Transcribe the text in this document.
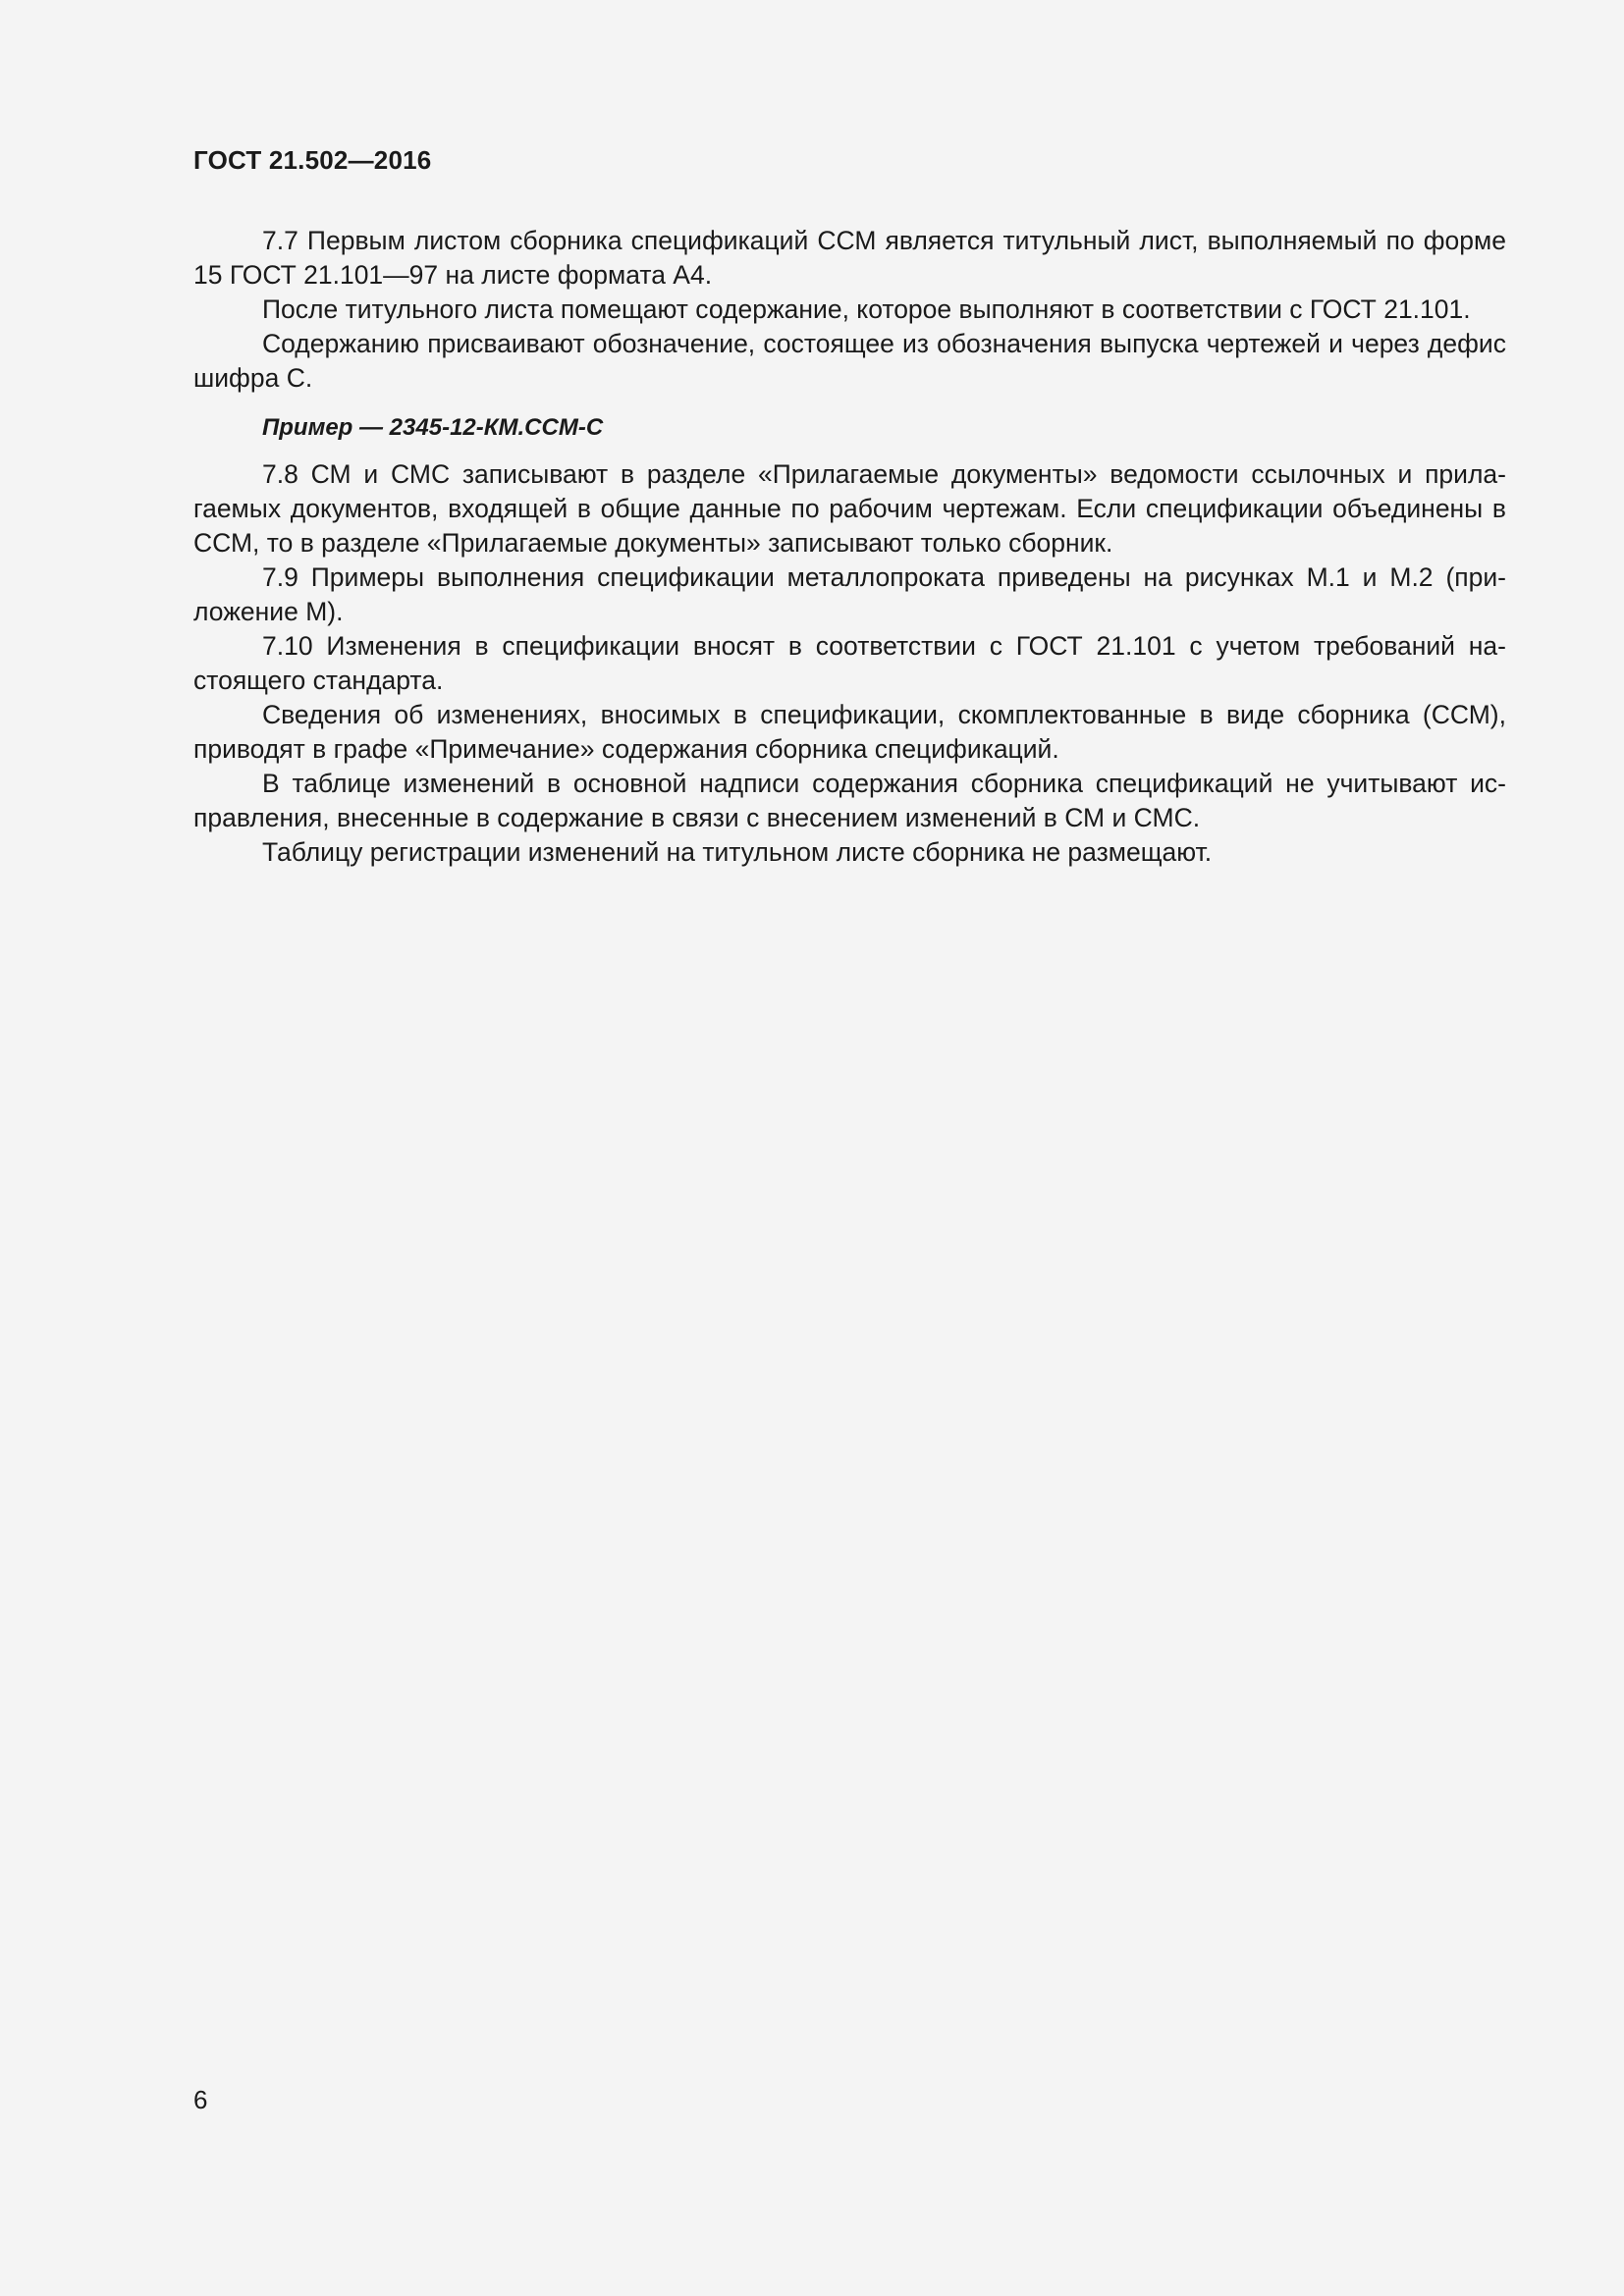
ГОСТ 21.502—2016

7.7 Первым листом сборника спецификаций ССМ является титульный лист, выполняемый по форме 15 ГОСТ 21.101—97 на листе формата А4.

После титульного листа помещают содержание, которое выполняют в соответствии с ГОСТ 21.101.

Содержанию присваивают обозначение, состоящее из обозначения выпуска чертежей и через дефис шифра С.

Пример — 2345-12-КМ.ССМ-С

7.8 СМ и СМС записывают в разделе «Прилагаемые документы» ведомости ссылочных и прилагаемых документов, входящей в общие данные по рабочим чертежам. Если спецификации объединены в ССМ, то в разделе «Прилагаемые документы» записывают только сборник.

7.9 Примеры выполнения спецификации металлопроката приведены на рисунках М.1 и М.2 (приложение М).

7.10 Изменения в спецификации вносят в соответствии с ГОСТ 21.101 с учетом требований настоящего стандарта.

Сведения об изменениях, вносимых в спецификации, скомплектованные в виде сборника (ССМ), приводят в графе «Примечание» содержания сборника спецификаций.

В таблице изменений в основной надписи содержания сборника спецификаций не учитывают исправления, внесенные в содержание в связи с внесением изменений в СМ и СМС.

Таблицу регистрации изменений на титульном листе сборника не размещают.

6
